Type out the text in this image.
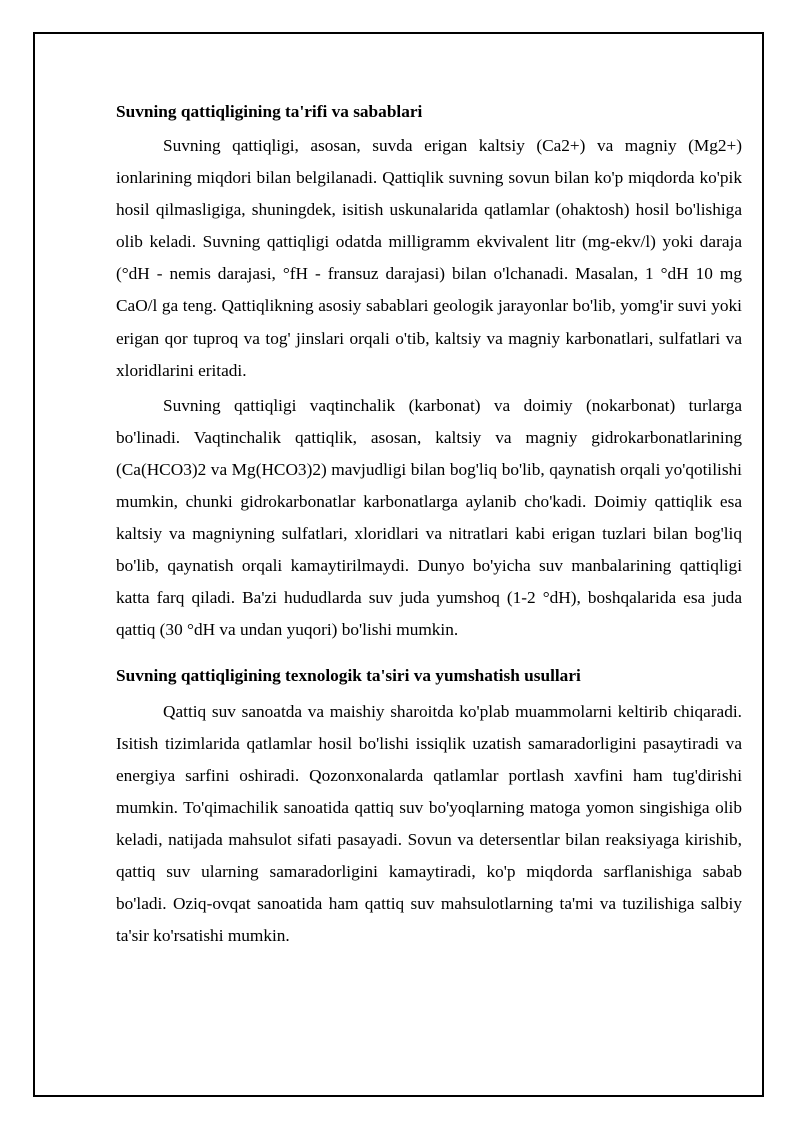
Suvning qattiqligining ta'rifi va sabablari

Suvning qattiqligi, asosan, suvda erigan kaltsiy (Ca2+) va magniy (Mg2+) ionlarining miqdori bilan belgilanadi. Qattiqlik suvning sovun bilan ko'p miqdorda ko'pik hosil qilmasligiga, shuningdek, isitish uskunalarida qatlamlar (ohaktosh) hosil bo'lishiga olib keladi. Suvning qattiqligi odatda milligramm ekvivalent litr (mg-ekv/l) yoki daraja (°dH - nemis darajasi, °fH - fransuz darajasi) bilan o'lchanadi. Masalan, 1 °dH 10 mg CaO/l ga teng. Qattiqlikning asosiy sabablari geologik jarayonlar bo'lib, yomg'ir suvi yoki erigan qor tuproq va tog' jinslari orqali o'tib, kaltsiy va magniy karbonatlari, sulfatlari va xloridlarini eritadi.

Suvning qattiqligi vaqtinchalik (karbonat) va doimiy (nokarbonat) turlarga bo'linadi. Vaqtinchalik qattiqlik, asosan, kaltsiy va magniy gidrokarbonatlarining (Ca(HCO3)2 va Mg(HCO3)2) mavjudligi bilan bog'liq bo'lib, qaynatish orqali yo'qotilishi mumkin, chunki gidrokarbonatlar karbonatlarga aylanib cho'kadi. Doimiy qattiqlik esa kaltsiy va magniyning sulfatlari, xloridlari va nitratlari kabi erigan tuzlari bilan bog'liq bo'lib, qaynatish orqali kamaytirilmaydi. Dunyo bo'yicha suv manbalarining qattiqligi katta farq qiladi. Ba'zi hududlarda suv juda yumshoq (1-2 °dH), boshqalarida esa juda qattiq (30 °dH va undan yuqori) bo'lishi mumkin.

Suvning qattiqligining texnologik ta'siri va yumshatish usullari

Qattiq suv sanoatda va maishiy sharoitda ko'plab muammolarni keltirib chiqaradi. Isitish tizimlarida qatlamlar hosil bo'lishi issiqlik uzatish samaradorligini pasaytiradi va energiya sarfini oshiradi. Qozonxonalarda qatlamlar portlash xavfini ham tug'dirishi mumkin. To'qimachilik sanoatida qattiq suv bo'yoqlarning matoga yomon singishiga olib keladi, natijada mahsulot sifati pasayadi. Sovun va detersentlar bilan reaksiyaga kirishib, qattiq suv ularning samaradorligini kamaytiradi, ko'p miqdorda sarflanishiga sabab bo'ladi. Oziq-ovqat sanoatida ham qattiq suv mahsulotlarning ta'mi va tuzilishiga salbiy ta'sir ko'rsatishi mumkin.
